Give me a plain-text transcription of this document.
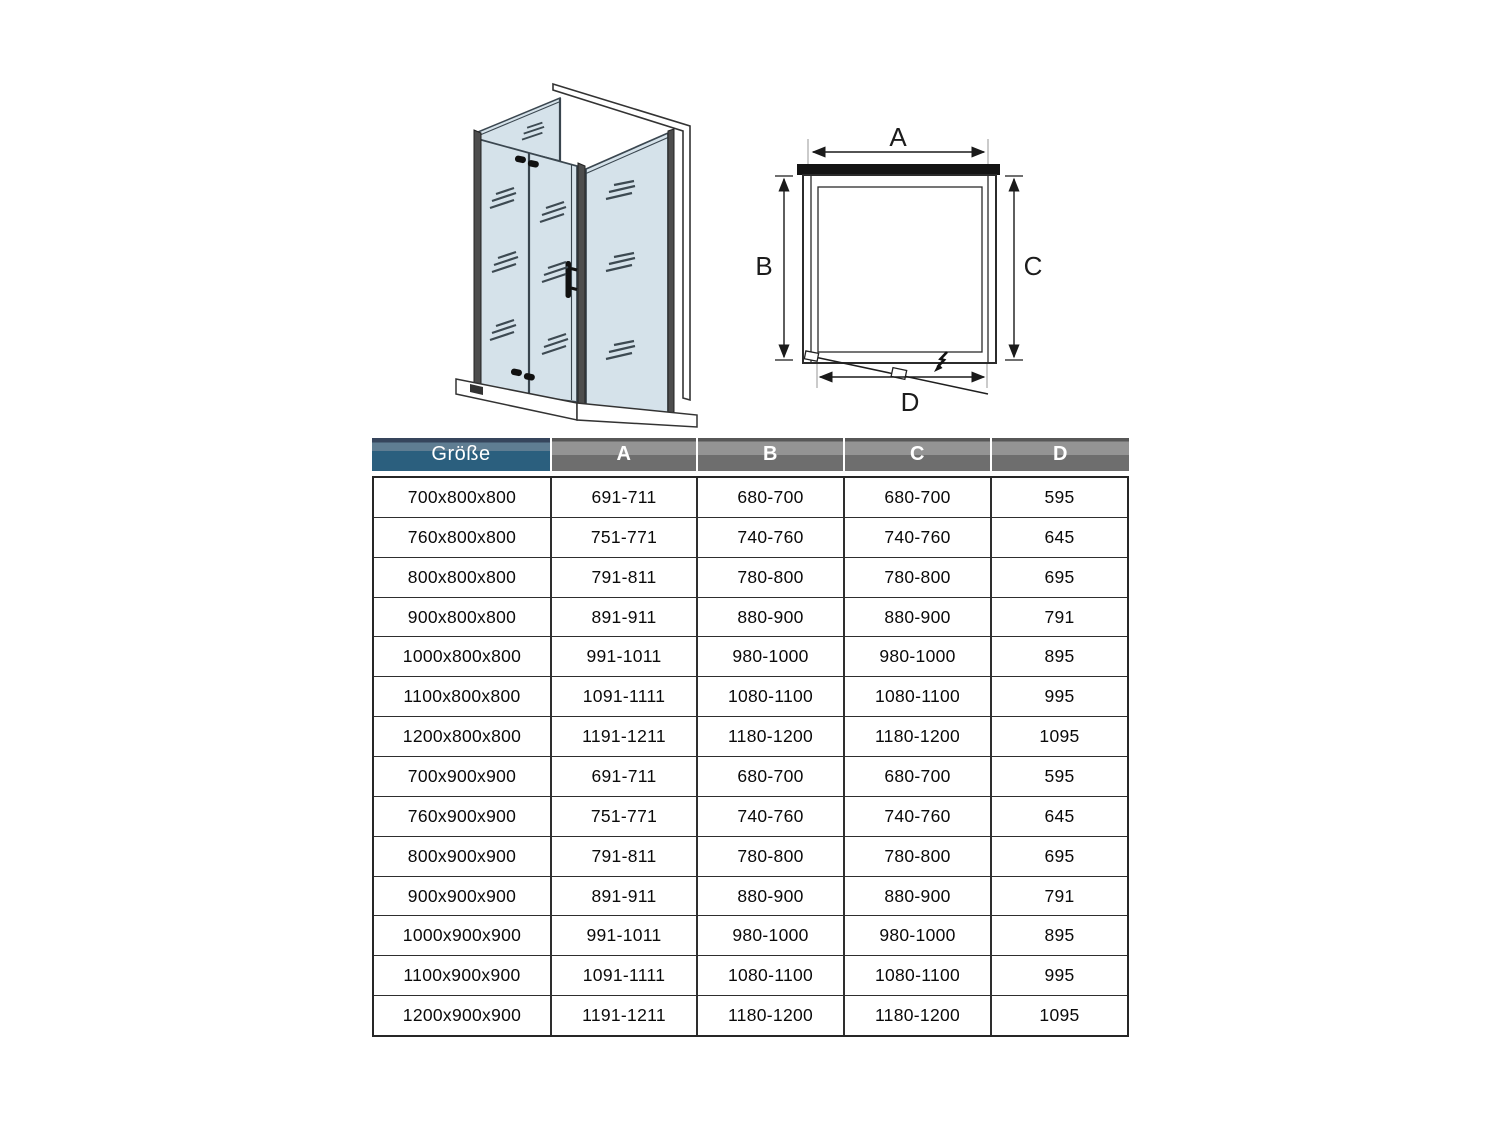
A
B	C
D
Größe	A	B	C	D
700x800x800	691-711	680-700	680-700	595
760x800x800	751-771	740-760	740-760	645
800x800x800	791-811	780-800	780-800	695
900x800x800	891-911	880-900	880-900	791
1000x800x800	991-1011	980-1000	980-1000	895
1100x800x800	1091-1111	1080-1100	1080-1100	995
1200x800x800	1191-1211	1180-1200	1180-1200	1095
700x900x900	691-711	680-700	680-700	595
760x900x900	751-771	740-760	740-760	645
800x900x900	791-811	780-800	780-800	695
900x900x900	891-911	880-900	880-900	791
1000x900x900	991-1011	980-1000	980-1000	895
1100x900x900	1091-1111	1080-1100	1080-1100	995
1200x900x900	1191-1211	1180-1200	1180-1200	1095
